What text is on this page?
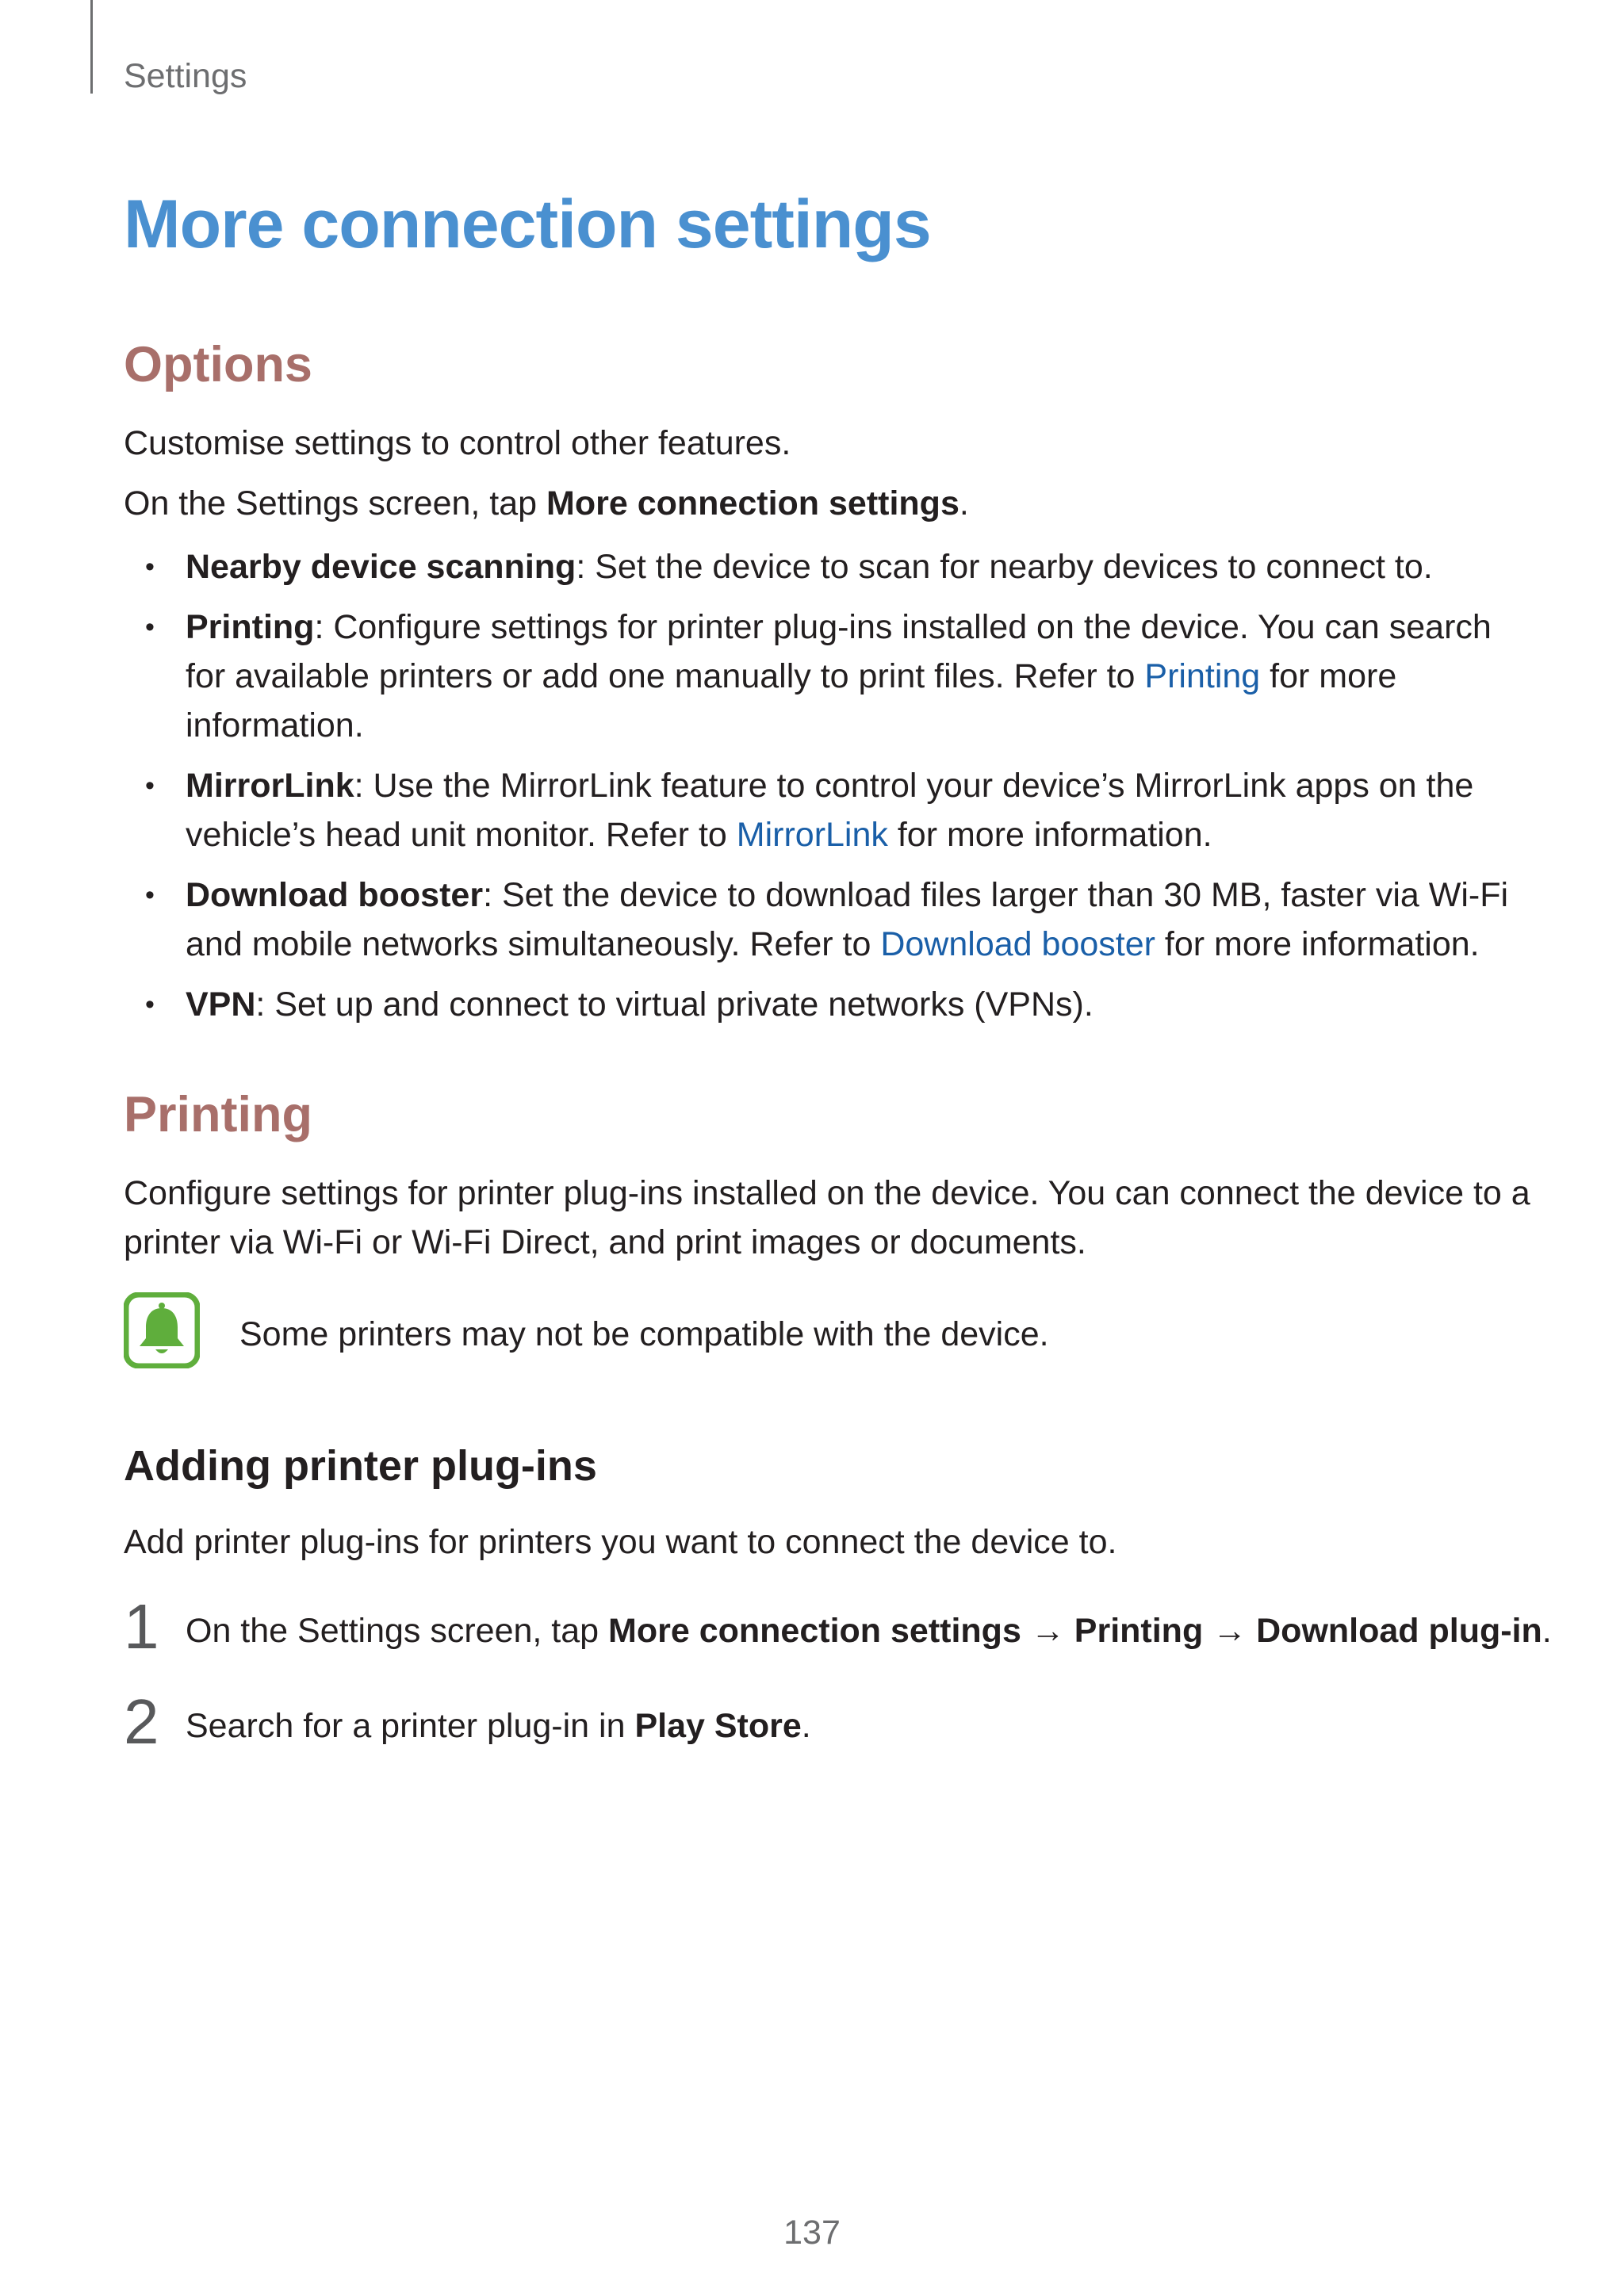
Settings
More connection settings
Options

Customise settings to control other features.

On the Settings screen, tap More connection settings.

• Nearby device scanning: Set the device to scan for nearby devices to connect to.
• Printing: Configure settings for printer plug-ins installed on the device. You can search for available printers or add one manually to print files. Refer to Printing for more information.
• MirrorLink: Use the MirrorLink feature to control your device’s MirrorLink apps on the vehicle’s head unit monitor. Refer to MirrorLink for more information.
• Download booster: Set the device to download files larger than 30 MB, faster via Wi-Fi and mobile networks simultaneously. Refer to Download booster for more information.
• VPN: Set up and connect to virtual private networks (VPNs).
Printing

Configure settings for printer plug-ins installed on the device. You can connect the device to a printer via Wi-Fi or Wi-Fi Direct, and print images or documents.

Some printers may not be compatible with the device.

Adding printer plug-ins

Add printer plug-ins for printers you want to connect the device to.

1 On the Settings screen, tap More connection settings → Printing → Download plug-in.
2 Search for a printer plug-in in Play Store.
137
